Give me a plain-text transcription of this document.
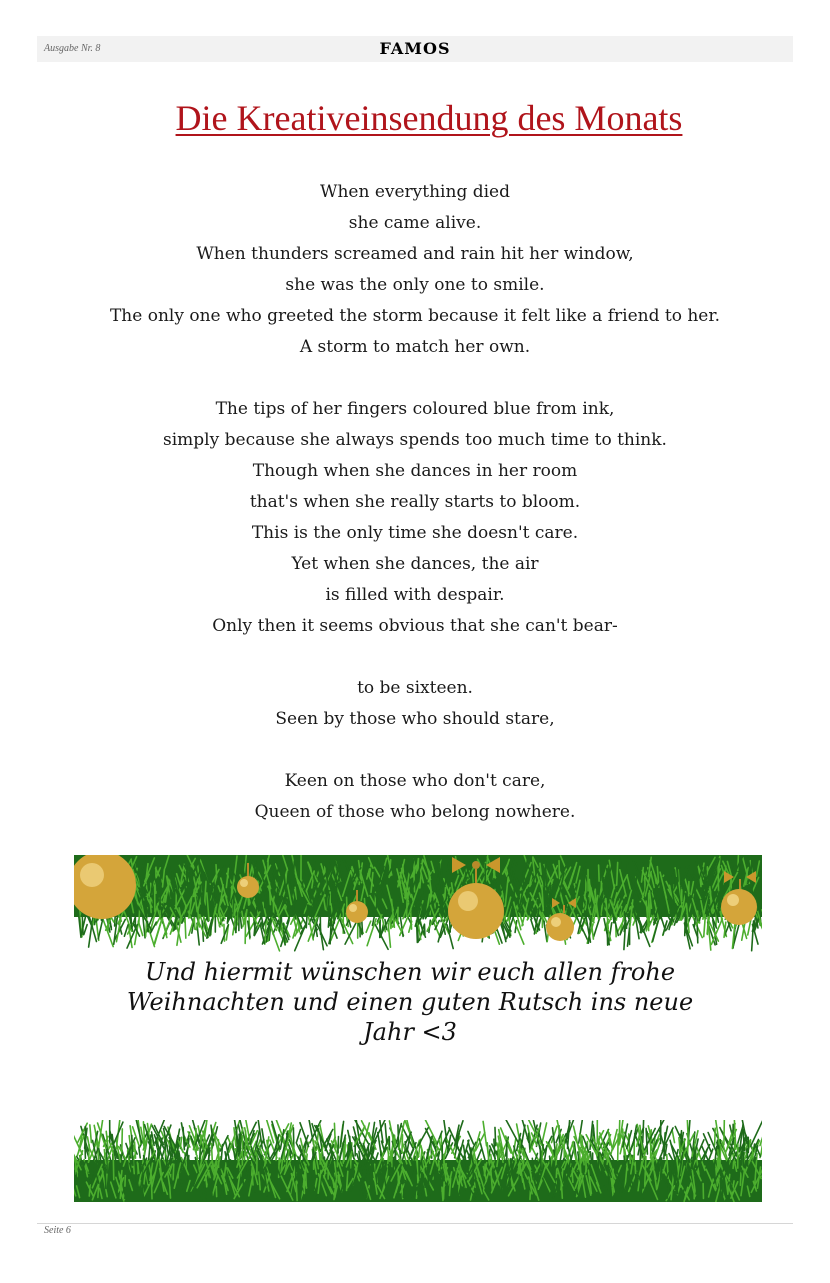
Ausgabe Nr. 8	FAMOS
Die Kreativeinsendung des Monats
When everything died
she came alive.
When thunders screamed and rain hit her window,
she was the only one to smile.
The only one who greeted the storm because it felt like a friend to her.
A storm to match her own.
The tips of her fingers coloured blue from ink,
simply because she always spends too much time to think.
Though when she dances in her room
that's when she really starts to bloom.
This is the only time she doesn't care.
Yet when she dances, the air
is filled with despair.
Only then it seems obvious that she can't bear-
to be sixteen.
Seen by those who should stare,
Keen on those who don't care,
Queen of those who belong nowhere.
Und hiermit wünschen wir euch allen frohe
Weihnachten und einen guten Rutsch ins neue
Jahr <3
Seite 6
